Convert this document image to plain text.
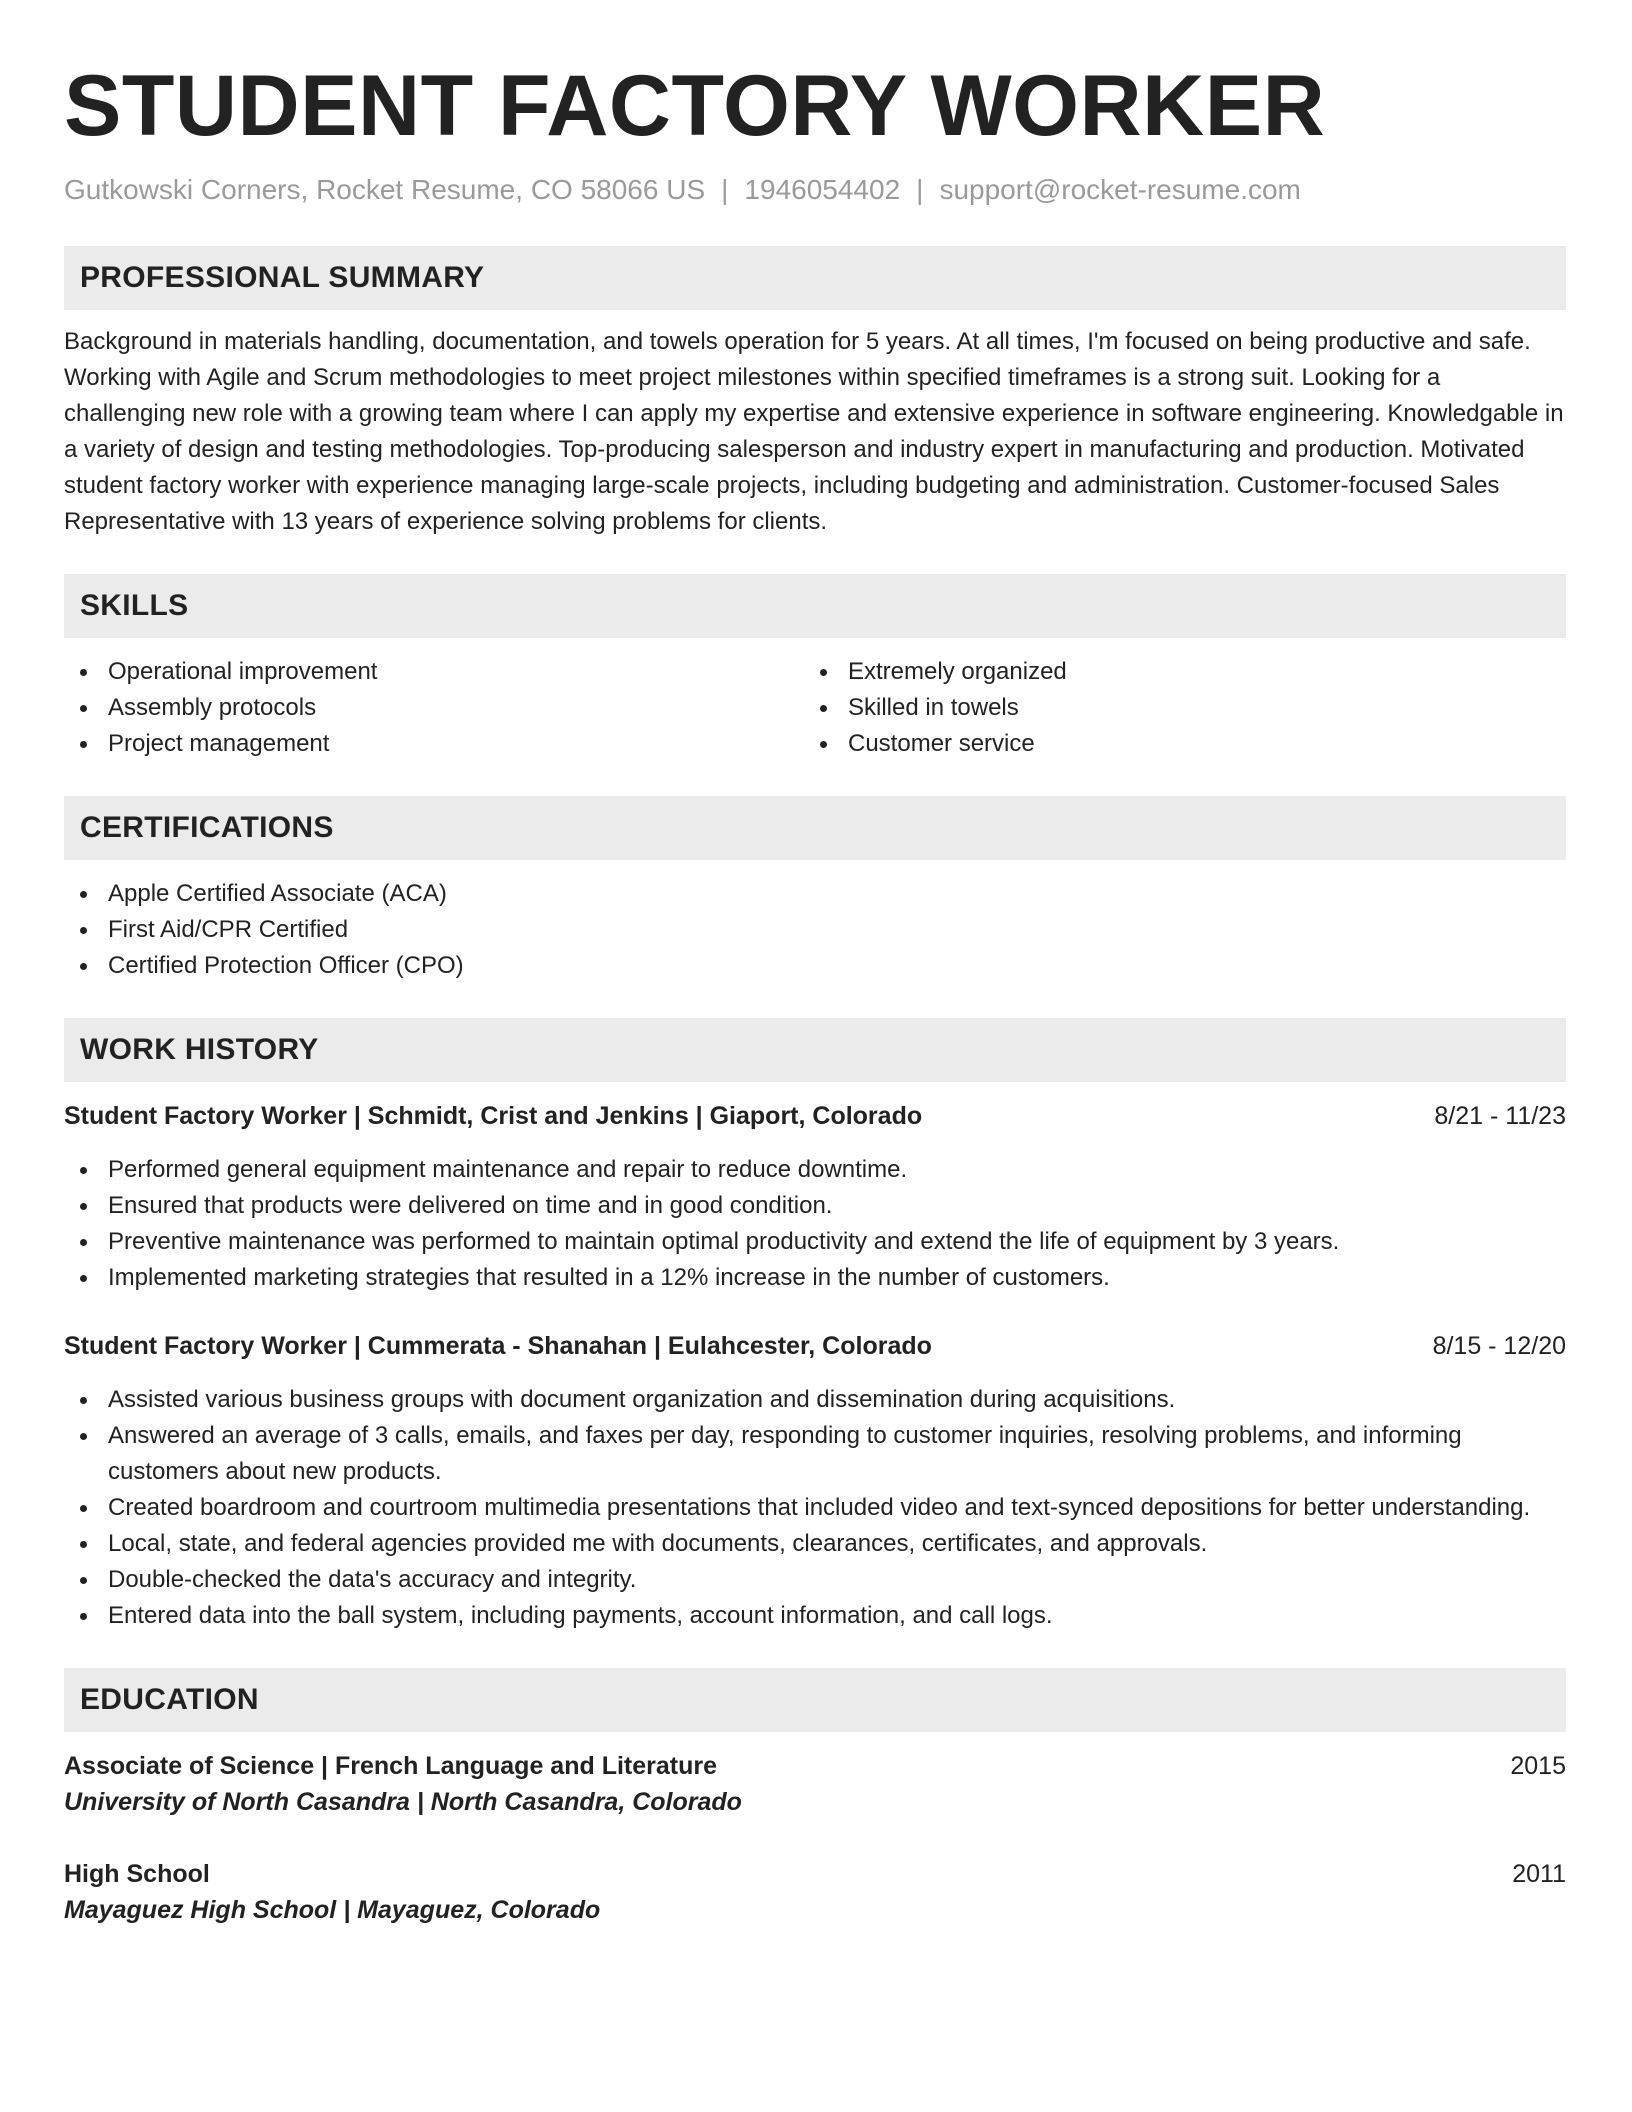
STUDENT FACTORY WORKER
Gutkowski Corners, Rocket Resume, CO 58066 US | 1946054402 | support@rocket-resume.com
PROFESSIONAL SUMMARY

Background in materials handling, documentation, and towels operation for 5 years. At all times, I'm focused on being productive and safe. Working with Agile and Scrum methodologies to meet project milestones within specified timeframes is a strong suit. Looking for a challenging new role with a growing team where I can apply my expertise and extensive experience in software engineering. Knowledgable in a variety of design and testing methodologies. Top-producing salesperson and industry expert in manufacturing and production. Motivated student factory worker with experience managing large-scale projects, including budgeting and administration. Customer-focused Sales Representative with 13 years of experience solving problems for clients.

SKILLS
Operational improvement
Assembly protocols
Project management
Extremely organized
Skilled in towels
Customer service
CERTIFICATIONS
Apple Certified Associate (ACA)
First Aid/CPR Certified
Certified Protection Officer (CPO)
WORK HISTORY
Student Factory Worker | Schmidt, Crist and Jenkins | Giaport, Colorado	8/21 - 11/23
Performed general equipment maintenance and repair to reduce downtime.
Ensured that products were delivered on time and in good condition.
Preventive maintenance was performed to maintain optimal productivity and extend the life of equipment by 3 years.
Implemented marketing strategies that resulted in a 12% increase in the number of customers.
Student Factory Worker | Cummerata - Shanahan | Eulahcester, Colorado	8/15 - 12/20
Assisted various business groups with document organization and dissemination during acquisitions.
Answered an average of 3 calls, emails, and faxes per day, responding to customer inquiries, resolving problems, and informing customers about new products.
Created boardroom and courtroom multimedia presentations that included video and text-synced depositions for better understanding.
Local, state, and federal agencies provided me with documents, clearances, certificates, and approvals.
Double-checked the data's accuracy and integrity.
Entered data into the ball system, including payments, account information, and call logs.
EDUCATION
Associate of Science | French Language and Literature	2015
University of North Casandra | North Casandra, Colorado
High School	2011
Mayaguez High School | Mayaguez, Colorado
